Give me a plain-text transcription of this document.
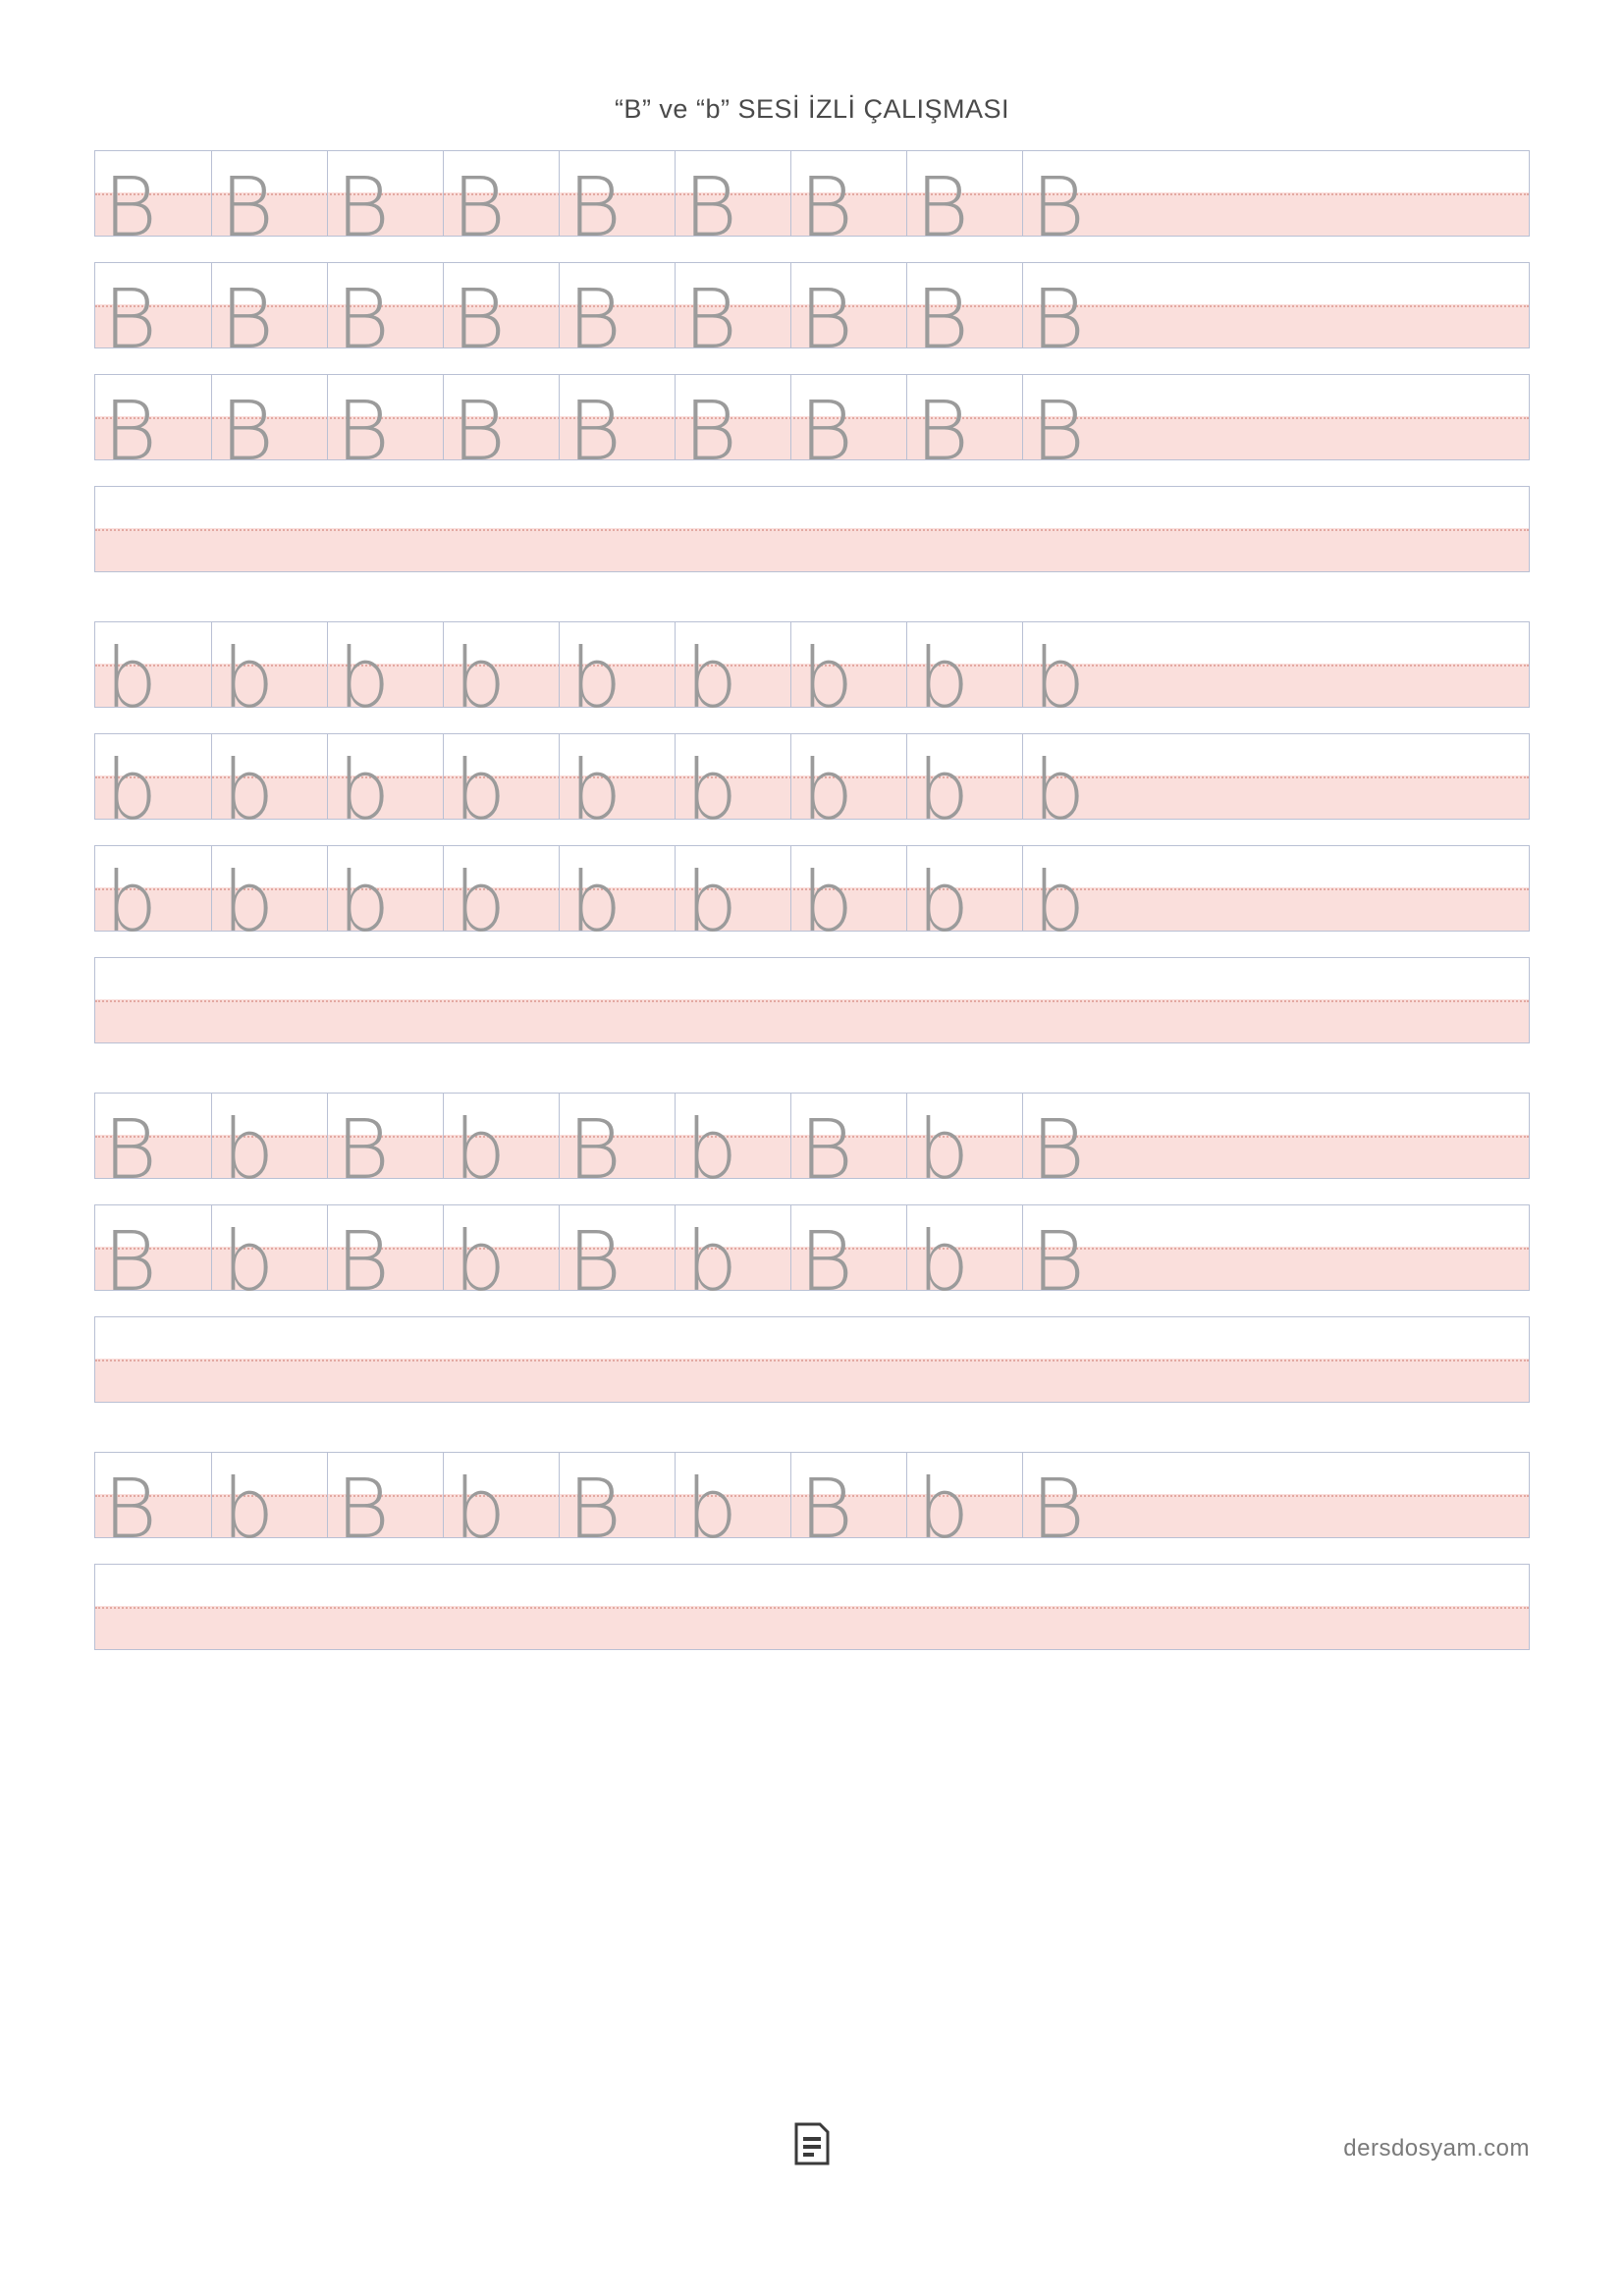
“B” ve “b” SESİ İZLİ ÇALIŞMASI
B B B B B B B B B
B B B B B B B B B
B B B B B B B B B
b b b b b b b b b
b b b b b b b b b
b b b b b b b b b
B b B b B b B b B
B b B b B b B b B
B b B b B b B b B
dersdosyam.com
